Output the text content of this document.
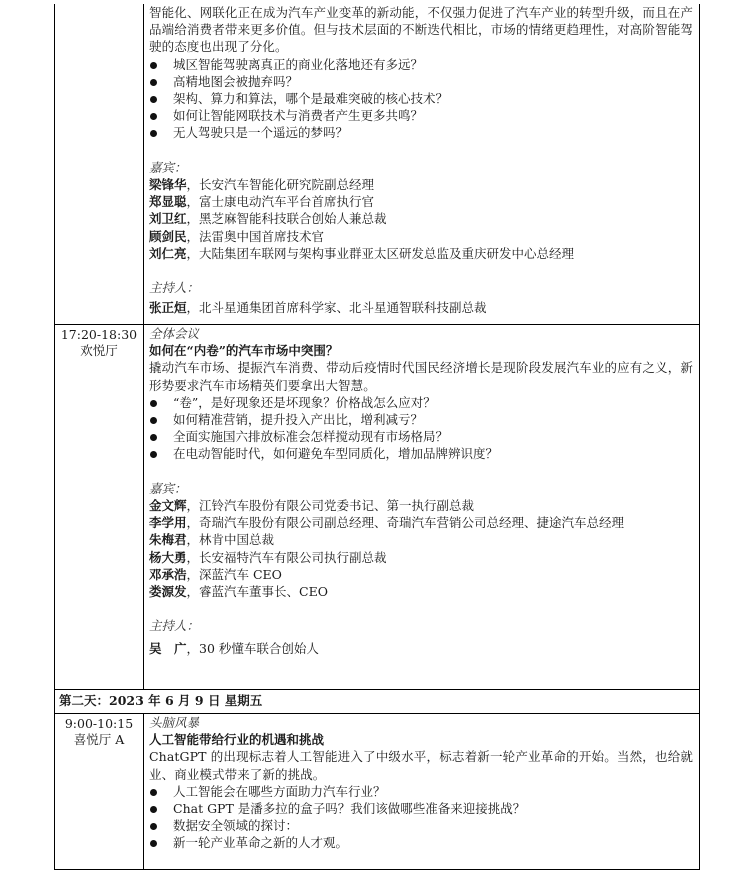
智能化、网联化正在成为汽车产业变革的新动能，不仅强力促进了汽车产业的转型升级，而且在产品端给消费者带来更多价值。但与技术层面的不断迭代相比，市场的情绪更趋理性，对高阶智能驾驶的态度也出现了分化。
城区智能驾驶离真正的商业化落地还有多远？
高精地图会被抛弃吗？
架构、算力和算法，哪个是最难突破的核心技术？
如何让智能网联技术与消费者产生更多共鸣？
无人驾驶只是一个遥远的梦吗？
嘉宾：
梁锋华，长安汽车智能化研究院副总经理
郑显聪，富士康电动汽车平台首席执行官
刘卫红，黑芝麻智能科技联合创始人兼总裁
顾剑民，法雷奥中国首席技术官
刘仁亮，大陆集团车联网与架构事业群亚太区研发总监及重庆研发中心总经理
主持人：
张正烜，北斗星通集团首席科学家、北斗星通智联科技副总裁
17:20-18:30
欢悦厅
全体会议
如何在“内卷”的汽车市场中突围？
撬动汽车市场、提振汽车消费、带动后疫情时代国民经济增长是现阶段发展汽车业的应有之义，新形势要求汽车市场精英们要拿出大智慧。
“卷”，是好现象还是坏现象？价格战怎么应对？
如何精准营销，提升投入产出比，增利减亏？
全面实施国六排放标准会怎样搅动现有市场格局？
在电动智能时代，如何避免车型同质化，增加品牌辨识度？
嘉宾：
金文辉，江铃汽车股份有限公司党委书记、第一执行副总裁
李学用，奇瑞汽车股份有限公司副总经理、奇瑞汽车营销公司总经理、捷途汽车总经理
朱梅君，林肯中国总裁
杨大勇，长安福特汽车有限公司执行副总裁
邓承浩，深蓝汽车 CEO
娄源发，睿蓝汽车董事长、CEO
主持人：
吴　广，30 秒懂车联合创始人
第二天：2023 年 6 月 9 日 星期五
9:00-10:15
喜悦厅 A
头脑风暴
人工智能带给行业的机遇和挑战
ChatGPT 的出现标志着人工智能进入了中级水平，标志着新一轮产业革命的开始。当然，也给就业、商业模式带来了新的挑战。
人工智能会在哪些方面助力汽车行业？
Chat GPT 是潘多拉的盒子吗？我们该做哪些准备来迎接挑战？
数据安全领域的探讨：
新一轮产业革命之新的人才观。
